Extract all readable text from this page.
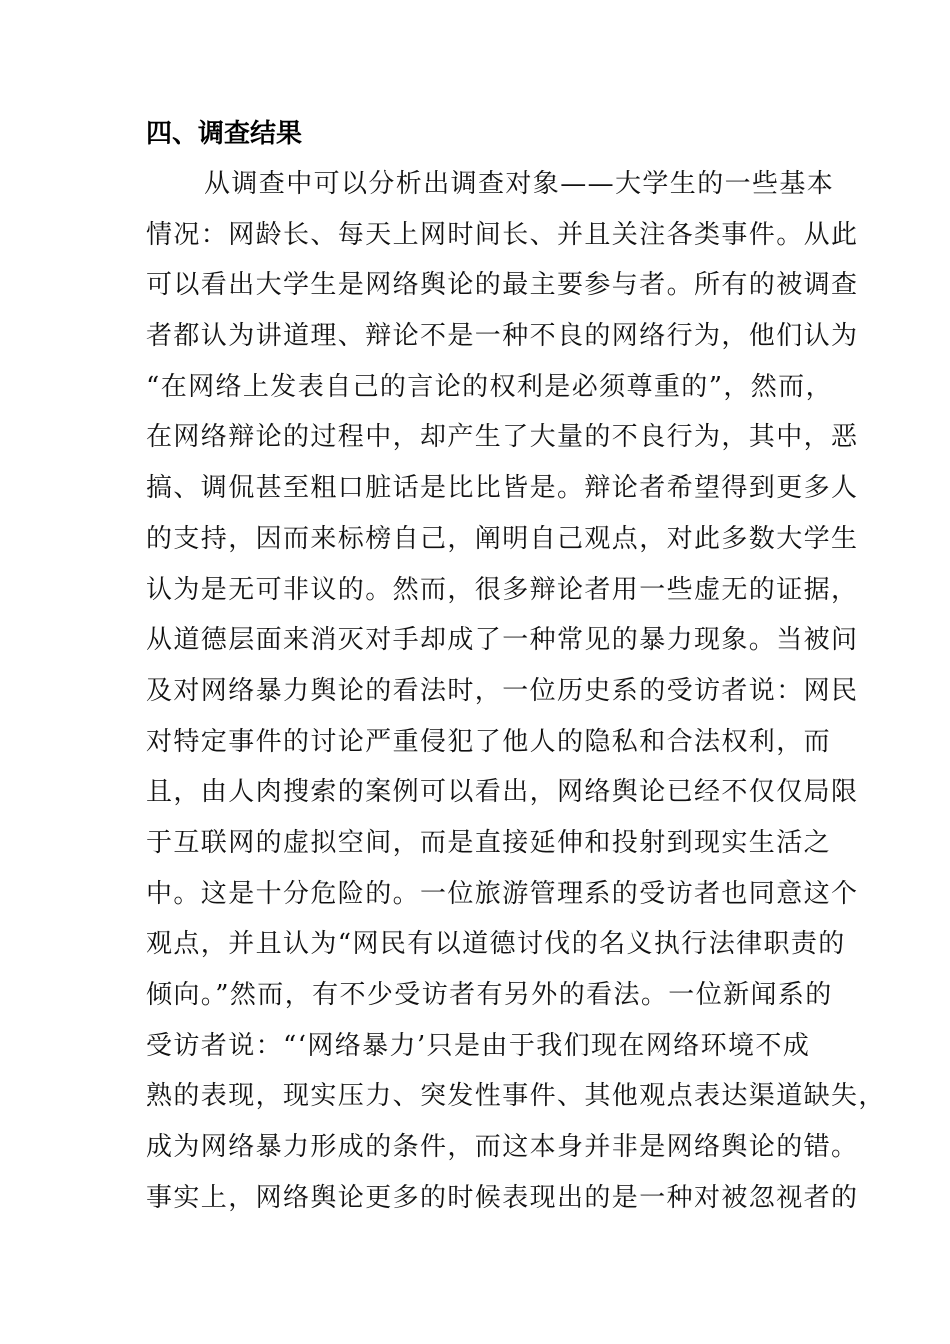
四、调查结果
从调查中可以分析出调查对象——大学生的一些基本
情况：网龄长、每天上网时间长、并且关注各类事件。从此
可以看出大学生是网络舆论的最主要参与者。所有的被调查
者都认为讲道理、辩论不是一种不良的网络行为，他们认为
“在网络上发表自己的言论的权利是必须尊重的”，然而，
在网络辩论的过程中，却产生了大量的不良行为，其中，恶
搞、调侃甚至粗口脏话是比比皆是。辩论者希望得到更多人
的支持，因而来标榜自己，阐明自己观点，对此多数大学生
认为是无可非议的。然而，很多辩论者用一些虚无的证据，
从道德层面来消灭对手却成了一种常见的暴力现象。当被问
及对网络暴力舆论的看法时，一位历史系的受访者说：网民
对特定事件的讨论严重侵犯了他人的隐私和合法权利，而
且，由人肉搜索的案例可以看出，网络舆论已经不仅仅局限
于互联网的虚拟空间，而是直接延伸和投射到现实生活之
中。这是十分危险的。一位旅游管理系的受访者也同意这个
观点，并且认为“网民有以道德讨伐的名义执行法律职责的
倾向。”然而，有不少受访者有另外的看法。一位新闻系的
受访者说：“‘网络暴力’只是由于我们现在网络环境不成
熟的表现，现实压力、突发性事件、其他观点表达渠道缺失，
成为网络暴力形成的条件，而这本身并非是网络舆论的错。
事实上，网络舆论更多的时候表现出的是一种对被忽视者的
